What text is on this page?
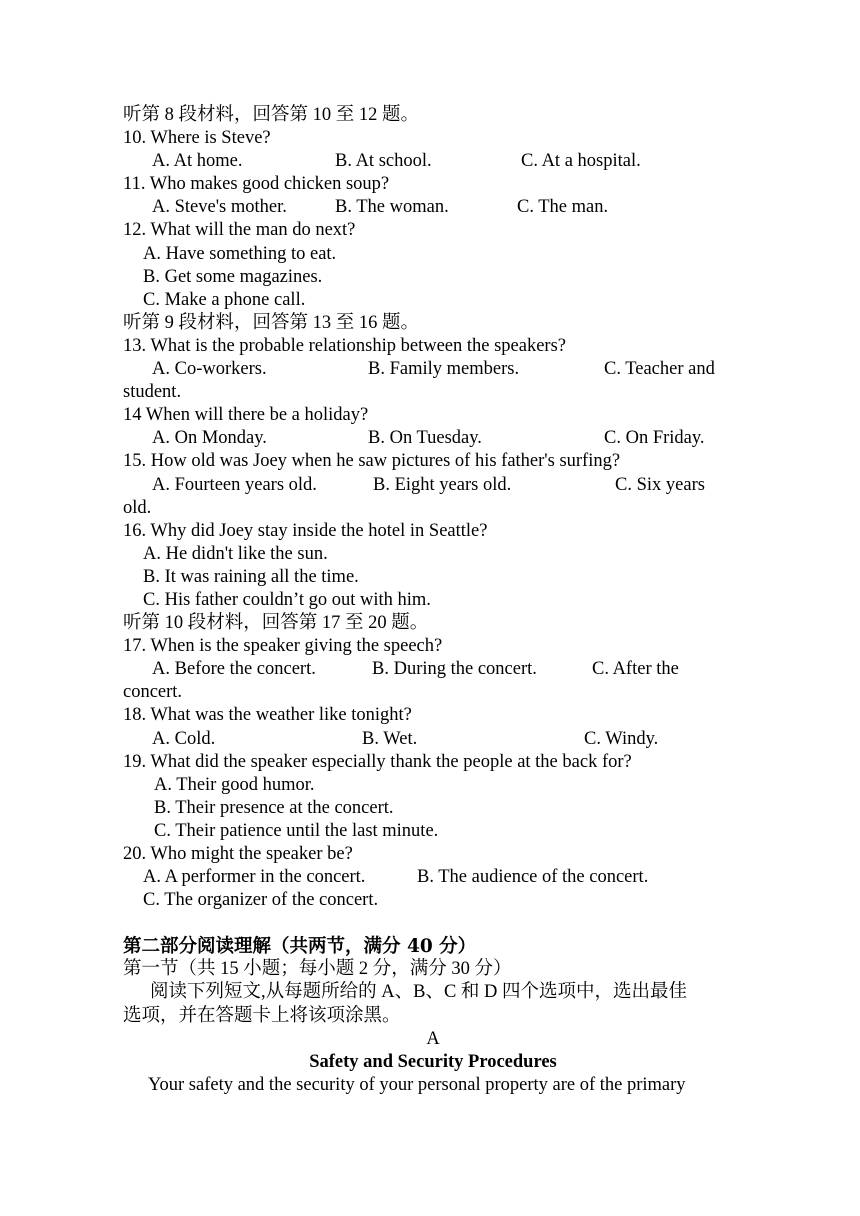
听第 8 段材料，回答第 10 至 12 题。
10. Where is Steve?
A. At home.	B. At school.	C. At a hospital.
11. Who makes good chicken soup?
A. Steve's mother.	B. The woman.	C. The man.
12. What will the man do next?
A. Have something to eat.
B. Get some magazines.
C. Make a phone call.
听第 9 段材料，回答第 13 至 16 题。
13. What is the probable relationship between the speakers?
A. Co-workers.	B. Family members.	C. Teacher and
student.
14 When will there be a holiday?
A. On Monday.	B. On Tuesday.	C. On Friday.
15. How old was Joey when he saw pictures of his father's surfing?
A. Fourteen years old.	B. Eight years old.	C. Six years
old.
16. Why did Joey stay inside the hotel in Seattle?
A. He didn't like the sun.
B. It was raining all the time.
C. His father couldn’t go out with him.
听第 10 段材料，回答第 17 至 20 题。
17. When is the speaker giving the speech?
A. Before the concert.	B. During the concert.	C. After the
concert.
18. What was the weather like tonight?
A. Cold.	B. Wet.	C. Windy.
19. What did the speaker especially thank the people at the back for?
A. Their good humor.
B. Their presence at the concert.
C. Their patience until the last minute.
20. Who might the speaker be?
A. A performer in the concert.	B. The audience of the concert.
C. The organizer of the concert.
第二部分阅读理解（共两节，满分 40 分）
第一节（共 15 小题；每小题 2 分，满分 30 分）
阅读下列短文,从每题所给的 A、B、C 和 D 四个选项中，选出最佳
选项，并在答题卡上将该项涂黑。
A
Safety and Security Procedures
Your safety and the security of your personal property are of the primary
